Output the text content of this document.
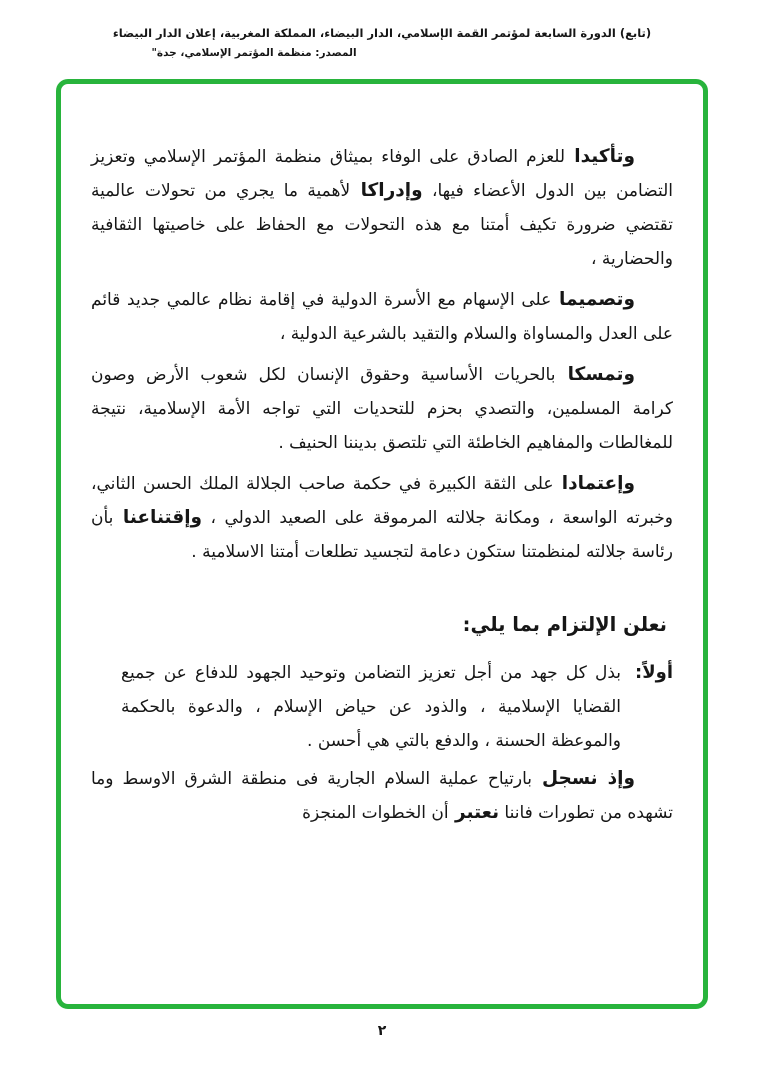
(تابع) الدورة السابعة لمؤتمر القمة الإسلامي، الدار البيضاء، المملكة المغربية، إعلان الدار البيضاء
المصدر: منظمة المؤتمر الإسلامي، جدة"

وتأكيدا للعزم الصادق على الوفاء بميثاق منظمة المؤتمر الإسلامي وتعزيز التضامن بين الدول الأعضاء فيها، وإدراكا لأهمية ما يجري من تحولات عالمية تقتضي ضرورة تكيف أمتنا مع هذه التحولات مع الحفاظ على خاصيتها الثقافية والحضارية ،

وتصميما على الإسهام مع الأسرة الدولية في إقامة نظام عالمي جديد قائم على العدل والمساواة والسلام والتقيد بالشرعية الدولية ،

وتمسكا بالحريات الأساسية وحقوق الإنسان لكل شعوب الأرض وصون كرامة المسلمين، والتصدي بحزم للتحديات التي تواجه الأمة الإسلامية، نتيجة للمغالطات والمفاهيم الخاطئة التي تلتصق بديننا الحنيف .

وإعتمادا على الثقة الكبيرة في حكمة صاحب الجلالة الملك الحسن الثاني، وخبرته الواسعة ، ومكانة جلالته المرموقة على الصعيد الدولي ، وإقتناعنا بأن رئاسة جلالته لمنظمتنا ستكون دعامة لتجسيد تطلعات أمتنا الاسلامية .

نعلن الإلتزام بما يلي:
أولاً:
بذل كل جهد من أجل تعزيز التضامن وتوحيد الجهود للدفاع عن جميع القضايا الإسلامية ، والذود عن حياض الإسلام ، والدعوة بالحكمة والموعظة الحسنة ، والدفع بالتي هي أحسن .

وإذ نسجل بارتياح عملية السلام الجارية فى منطقة الشرق الاوسط وما تشهده من تطورات فاننا نعتبر أن الخطوات المنجزة

٢
